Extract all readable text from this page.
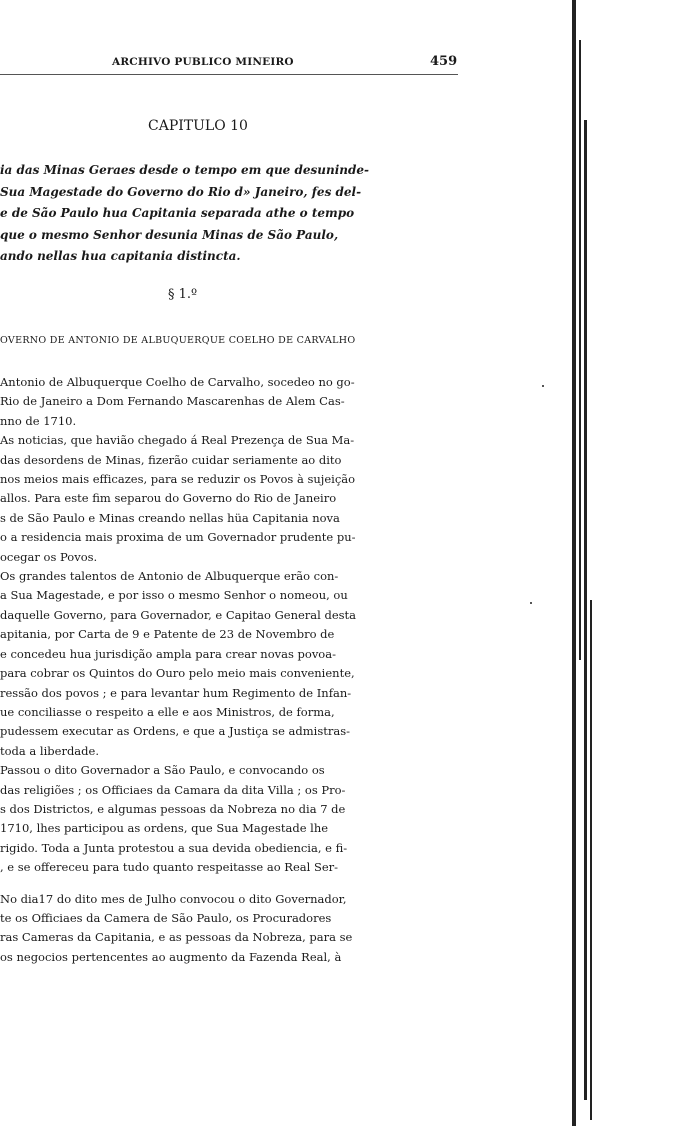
ARCHIVO PUBLICO MINEIRO	459
CAPITULO 10
ia das Minas Geraes desde o tempo em que desuninde-
Sua Magestade do Governo do Rio d» Janeiro, fes del-
e de São Paulo hua Capitania separada athe o tempo
que o mesmo Senhor desunia Minas de São Paulo,
ando nellas hua capitania distincta.
§ 1.º
OVERNO DE ANTONIO DE ALBUQUERQUE COELHO DE CARVALHO
Antonio de Albuquerque Coelho de Carvalho, socedeo no go-
Rio de Janeiro a Dom Fernando Mascarenhas de Alem Cas-
nno de 1710.
As noticias, que havião chegado á Real Prezença de Sua Ma-
das desordens de Minas, fizerão cuidar seriamente ao dito
nos meios mais efficazes, para se reduzir os Povos à sujeição
allos. Para este fim separou do Governo do Rio de Janeiro
s de São Paulo e Minas creando nellas hüa Capitania nova
o a residencia mais proxima de um Governador prudente pu-
ocegar os Povos.
Os grandes talentos de Antonio de Albuquerque erão con-
a Sua Magestade, e por isso o mesmo Senhor o nomeou, ou
daquelle Governo, para Governador, e Capitao General desta
apitania, por Carta de 9 e Patente de 23 de Novembro de
e concedeu hua jurisdição ampla para crear novas povoa-
para cobrar os Quintos do Ouro pelo meio mais conveniente,
ressão dos povos ; e para levantar hum Regimento de Infan-
ue conciliasse o respeito a elle e aos Ministros, de forma,
pudessem executar as Ordens, e que a Justiça se admistras-
toda a liberdade.
Passou o dito Governador a São Paulo, e convocando os
das religiões ; os Officiaes da Camara da dita Villa ; os Pro-
s dos Districtos, e algumas pessoas da Nobreza no dia 7 de
1710, lhes participou as ordens, que Sua Magestade lhe
rigido. Toda a Junta protestou a sua devida obediencia, e fi-
, e se offereceu para tudo quanto respeitasse ao Real Ser-
No dia17 do dito mes de Julho convocou o dito Governador,
te os Officiaes da Camera de São Paulo, os Procuradores
ras Cameras da Capitania, e as pessoas da Nobreza, para se
os negocios pertencentes ao augmento da Fazenda Real, à
